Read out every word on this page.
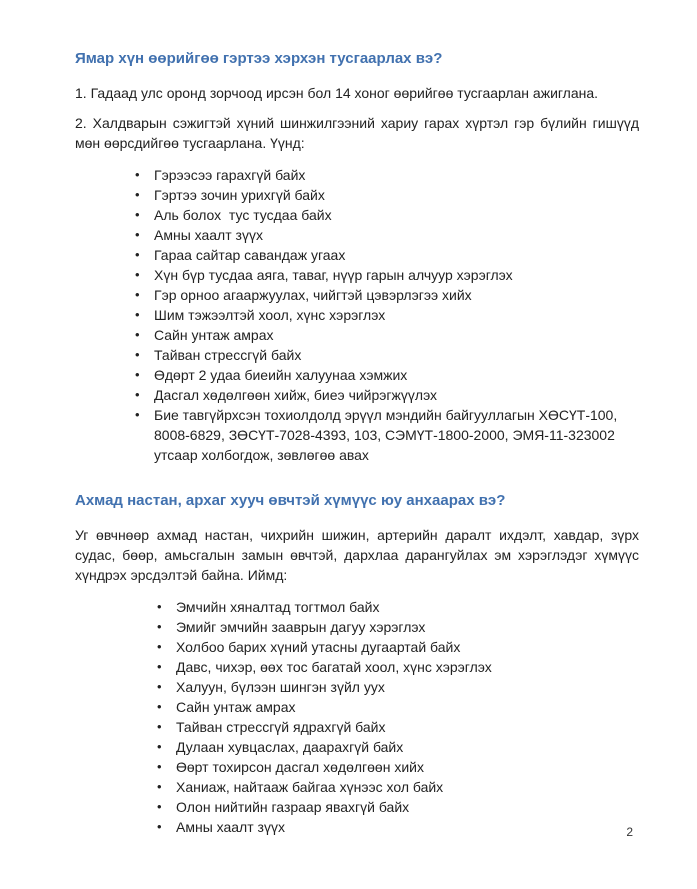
Ямар хүн өөрийгөө гэртээ хэрхэн тусгаарлах вэ?

1. Гадаад улс оронд зорчоод ирсэн бол 14 хоног өөрийгөө тусгаарлан ажиглана.

2. Халдварын сэжигтэй хүний шинжилгээний хариу гарах хүртэл гэр бүлийн гишүүд мөн өөрсдийгөө тусгаарлана. Үүнд:

•	Гэрээсээ гарахгүй байх
•	Гэртээ зочин урихгүй байх
•	Аль болох  тус тусдаа байх
•	Амны хаалт зүүх
•	Гараа сайтар савандаж угаах
•	Хүн бүр тусдаа аяга, таваг, нүүр гарын алчуур хэрэглэх
•	Гэр орноо агааржуулах, чийгтэй цэвэрлэгээ хийх
•	Шим тэжээлтэй хоол, хүнс хэрэглэх
•	Сайн унтаж амрах
•	Тайван стрессгүй байх
•	Өдөрт 2 удаа биеийн халуунаа хэмжих
•	Дасгал хөдөлгөөн хийж, биеэ чийрэгжүүлэх
•	Бие тавгүйрхсэн тохиолдолд эрүүл мэндийн байгууллагын ХӨСҮТ-100, 8008-6829, ЗӨСҮТ-7028-4393, 103, СЭМҮТ-1800-2000, ЭМЯ-11-323002 утсаар холбогдож, зөвлөгөө авах
Ахмад настан, архаг хууч өвчтэй хүмүүс юу анхаарах вэ?

Уг өвчнөөр ахмад настан, чихрийн шижин, артерийн даралт ихдэлт, хавдар, зүрх судас, бөөр, амьсгалын замын өвчтэй, дархлаа дарангуйлах эм хэрэглэдэг хүмүүс хүндрэх эрсдэлтэй байна. Иймд:

•	Эмчийн хяналтад тогтмол байх
•	Эмийг эмчийн зааврын дагуу хэрэглэх
•	Холбоо барих хүний утасны дугаартай байх
•	Давс, чихэр, өөх тос багатай хоол, хүнс хэрэглэх
•	Халуун, бүлээн шингэн зүйл уух
•	Сайн унтаж амрах
•	Тайван стрессгүй ядрахгүй байх
•	Дулаан хувцаслах, даарахгүй байх
•	Өөрт тохирсон дасгал хөдөлгөөн хийх
•	Ханиаж, найтааж байгаа хүнээс хол байх
•	Олон нийтийн газраар явахгүй байх
•	Амны хаалт зүүх	2
